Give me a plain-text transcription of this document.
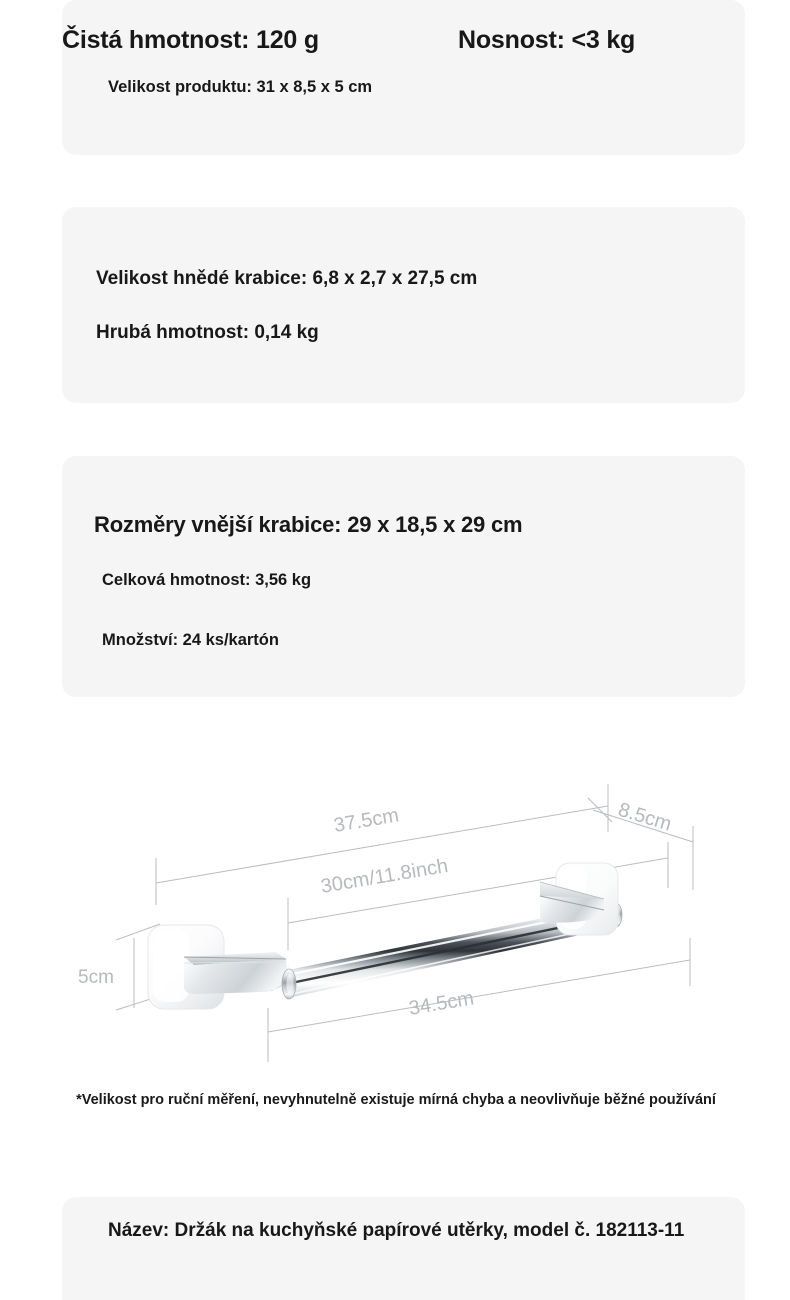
Čistá hmotnost: 120 g	Nosnost: <3 kg
Velikost produktu: 31 x 8,5 x 5 cm
Velikost hnědé krabice: 6,8 x 2,7 x 27,5 cm
Hrubá hmotnost: 0,14 kg
Rozměry vnější krabice: 29 x 18,5 x 29 cm
Celková hmotnost: 3,56 kg
Množství: 24 ks/kartón
37.5cm
30cm/11.8inch
34.5cm
8.5cm
5cm
*Velikost pro ruční měření, nevyhnutelně existuje mírná chyba a neovlivňuje běžné používání
Název: Držák na kuchyňské papírové utěrky, model č. 182113-11
